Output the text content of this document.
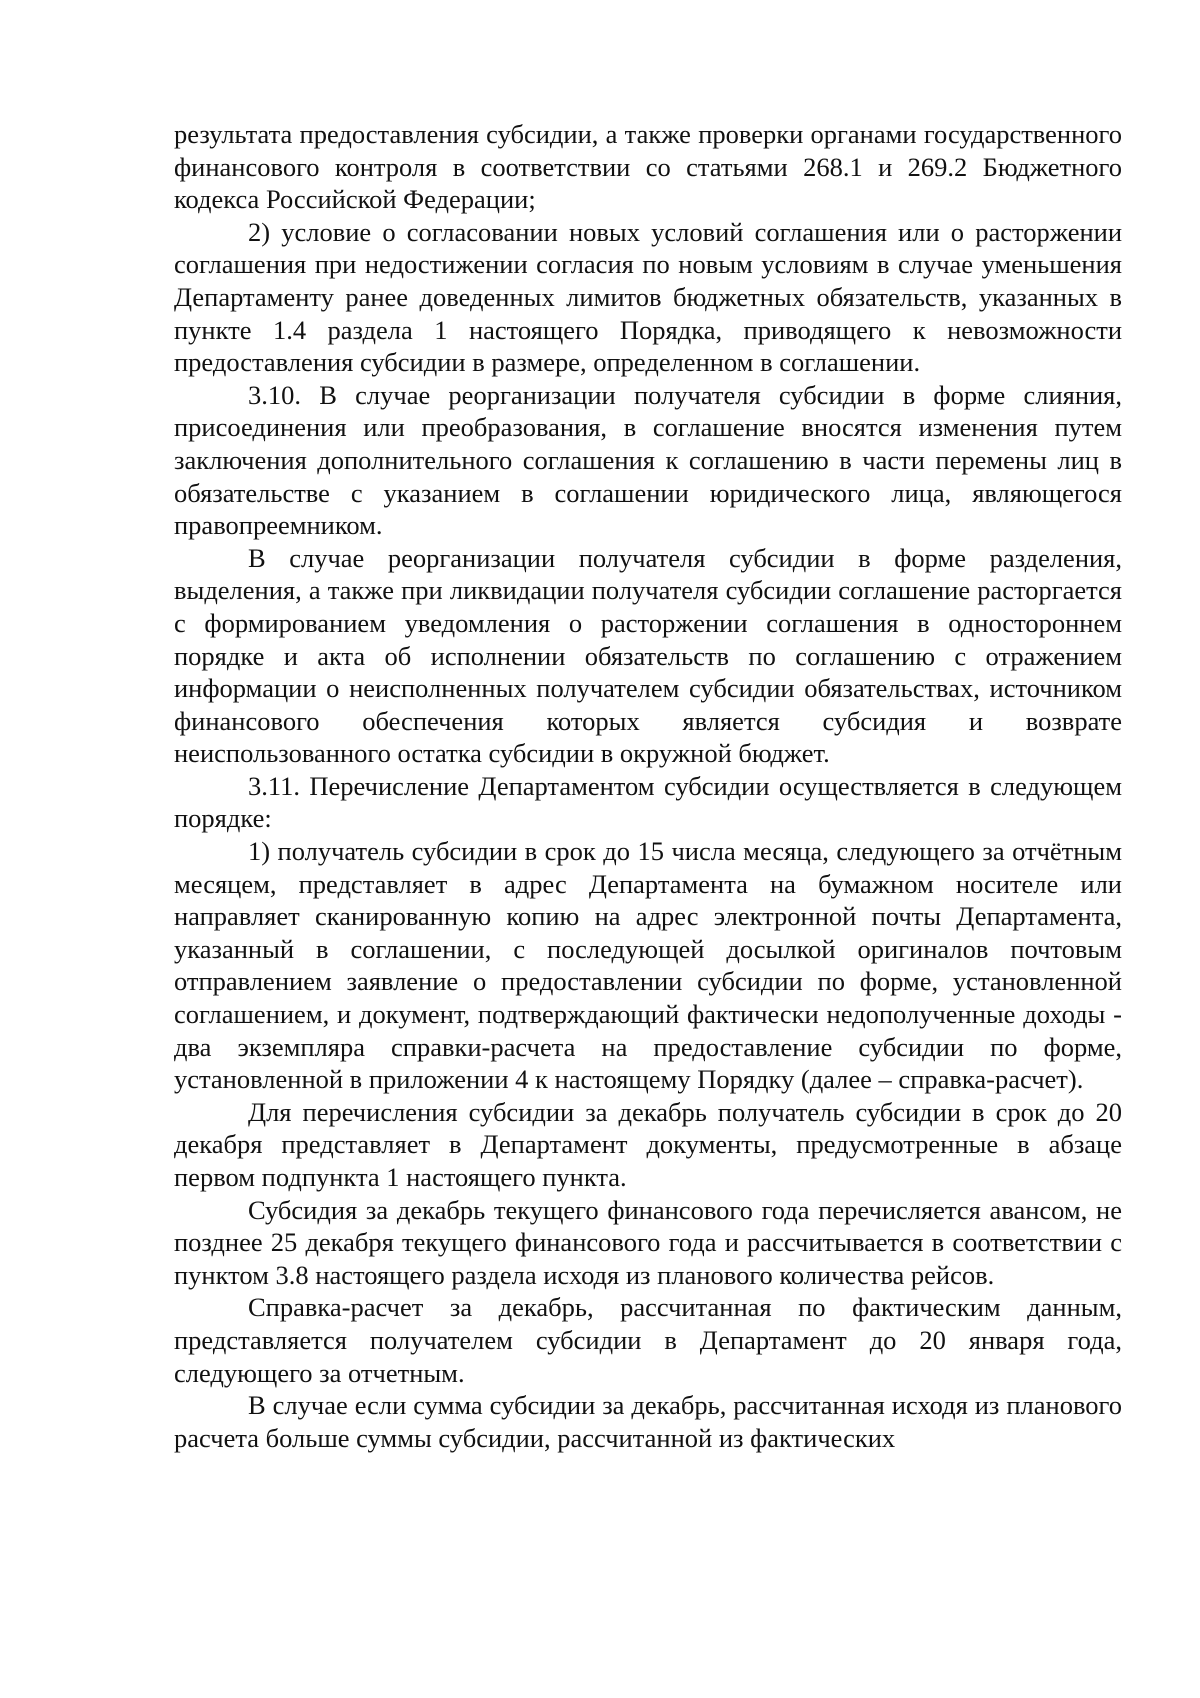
результата предоставления субсидии, а также проверки органами государственного финансового контроля в соответствии со статьями 268.1 и 269.2 Бюджетного кодекса Российской Федерации;

2) условие о согласовании новых условий соглашения или о расторжении соглашения при недостижении согласия по новым условиям в случае уменьшения Департаменту ранее доведенных лимитов бюджетных обязательств, указанных в пункте 1.4 раздела 1 настоящего Порядка, приводящего к невозможности предоставления субсидии в размере, определенном в соглашении.

3.10. В случае реорганизации получателя субсидии в форме слияния, присоединения или преобразования, в соглашение вносятся изменения путем заключения дополнительного соглашения к соглашению в части перемены лиц в обязательстве с указанием в соглашении юридического лица, являющегося правопреемником.

В случае реорганизации получателя субсидии в форме разделения, выделения, а также при ликвидации получателя субсидии соглашение расторгается с формированием уведомления о расторжении соглашения в одностороннем порядке и акта об исполнении обязательств по соглашению с отражением информации о неисполненных получателем субсидии обязательствах, источником финансового обеспечения которых является субсидия и возврате неиспользованного остатка субсидии в окружной бюджет.

3.11. Перечисление Департаментом субсидии осуществляется в следующем порядке:

1) получатель субсидии в срок до 15 числа месяца, следующего за отчётным месяцем, представляет в адрес Департамента на бумажном носителе или направляет сканированную копию на адрес электронной почты Департамента, указанный в соглашении, с последующей досылкой оригиналов почтовым отправлением заявление о предоставлении субсидии по форме, установленной соглашением, и документ, подтверждающий фактически недополученные доходы - два экземпляра справки-расчета на предоставление субсидии по форме, установленной в приложении 4 к настоящему Порядку (далее – справка-расчет).

Для перечисления субсидии за декабрь получатель субсидии в срок до 20 декабря представляет в Департамент документы, предусмотренные в абзаце первом подпункта 1 настоящего пункта.

Субсидия за декабрь текущего финансового года перечисляется авансом, не позднее 25 декабря текущего финансового года и рассчитывается в соответствии с пунктом 3.8 настоящего раздела исходя из планового количества рейсов.

Справка-расчет за декабрь, рассчитанная по фактическим данным, представляется получателем субсидии в Департамент до 20 января года, следующего за отчетным.

В случае если сумма субсидии за декабрь, рассчитанная исходя из планового расчета больше суммы субсидии, рассчитанной из фактических
